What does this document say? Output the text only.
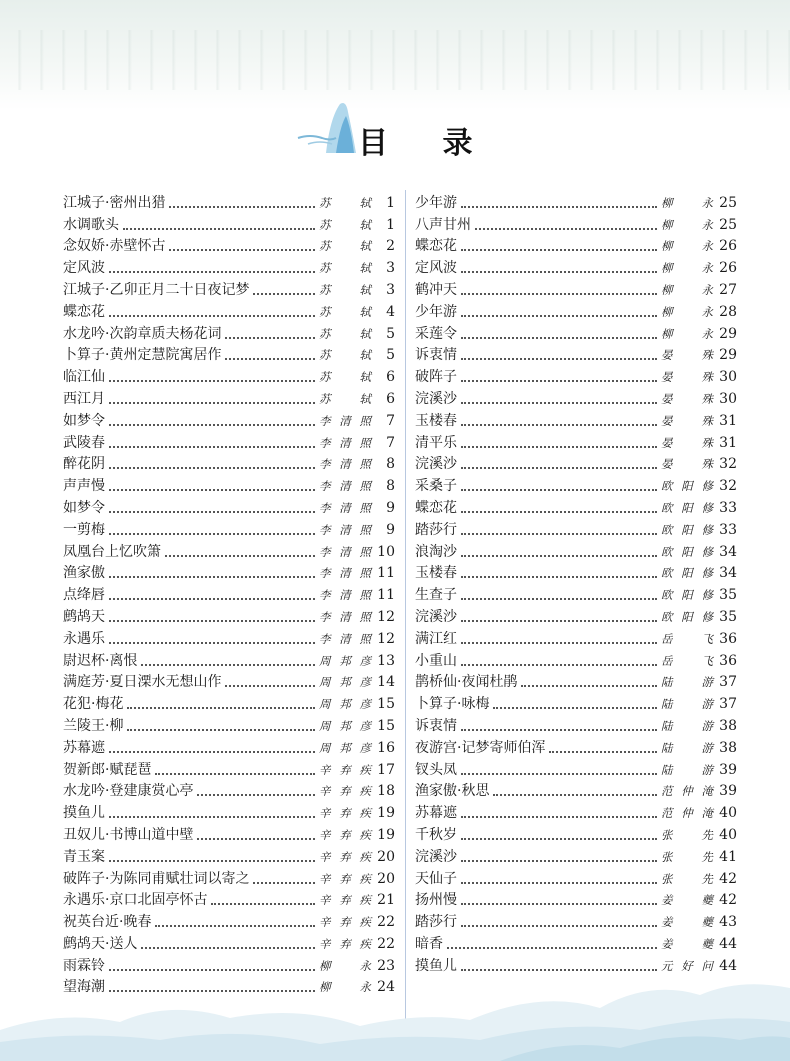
目 录
江城子·密州出猎	苏	轼	1
水调歌头	苏	轼	1
念奴娇·赤壁怀古	苏	轼	2
定风波	苏	轼	3
江城子·乙卯正月二十日夜记梦	苏	轼	3
蝶恋花	苏	轼	4
水龙吟·次韵章质夫杨花词	苏	轼	5
卜算子·黄州定慧院寓居作	苏	轼	5
临江仙	苏	轼	6
西江月	苏	轼	6
如梦令	李 清 照	7
武陵春	李 清 照	7
醉花阴	李 清 照	8
声声慢	李 清 照	8
如梦令	李 清 照	9
一剪梅	李 清 照	9
凤凰台上忆吹箫	李 清 照 10
渔家傲	李 清 照 11
点绛唇	李 清 照 11
鹧鸪天	李 清 照 12
永遇乐	李 清 照 12
尉迟杯·离恨	周 邦 彦 13
满庭芳·夏日溧水无想山作	周 邦 彦 14
花犯·梅花	周 邦 彦 15
兰陵王·柳	周 邦 彦 15
苏幕遮	周 邦 彦 16
贺新郎·赋琵琶	辛 弃 疾 17
水龙吟·登建康赏心亭	辛 弃 疾 18
摸鱼儿	辛 弃 疾 19
丑奴儿·书博山道中壁	辛 弃 疾 19
青玉案	辛 弃 疾 20
破阵子·为陈同甫赋壮词以寄之	辛 弃 疾 20
永遇乐·京口北固亭怀古	辛 弃 疾 21
祝英台近·晚春	辛 弃 疾 22
鹧鸪天·送人	辛 弃 疾 22
雨霖铃	柳	永 23
望海潮	柳	永 24
少年游	柳	永 25
八声甘州	柳	永 25
蝶恋花	柳	永 26
定风波	柳	永 26
鹤冲天	柳	永 27
少年游	柳	永 28
采莲令	柳	永 29
诉衷情	晏	殊 29
破阵子	晏	殊 30
浣溪沙	晏	殊 30
玉楼春	晏	殊 31
清平乐	晏	殊 31
浣溪沙	晏	殊 32
采桑子	欧 阳 修 32
蝶恋花	欧 阳 修 33
踏莎行	欧 阳 修 33
浪淘沙	欧 阳 修 34
玉楼春	欧 阳 修 34
生查子	欧 阳 修 35
浣溪沙	欧 阳 修 35
满江红	岳	飞 36
小重山	岳	飞 36
鹊桥仙·夜闻杜鹃	陆	游 37
卜算子·咏梅	陆	游 37
诉衷情	陆	游 38
夜游宫·记梦寄师伯浑	陆	游 38
钗头凤	陆	游 39
渔家傲·秋思	范 仲 淹 39
苏幕遮	范 仲 淹 40
千秋岁	张	先 40
浣溪沙	张	先 41
天仙子	张	先 42
扬州慢	姜	夔 42
踏莎行	姜	夔 43
暗香	姜	夔 44
摸鱼儿	元 好 问 44
